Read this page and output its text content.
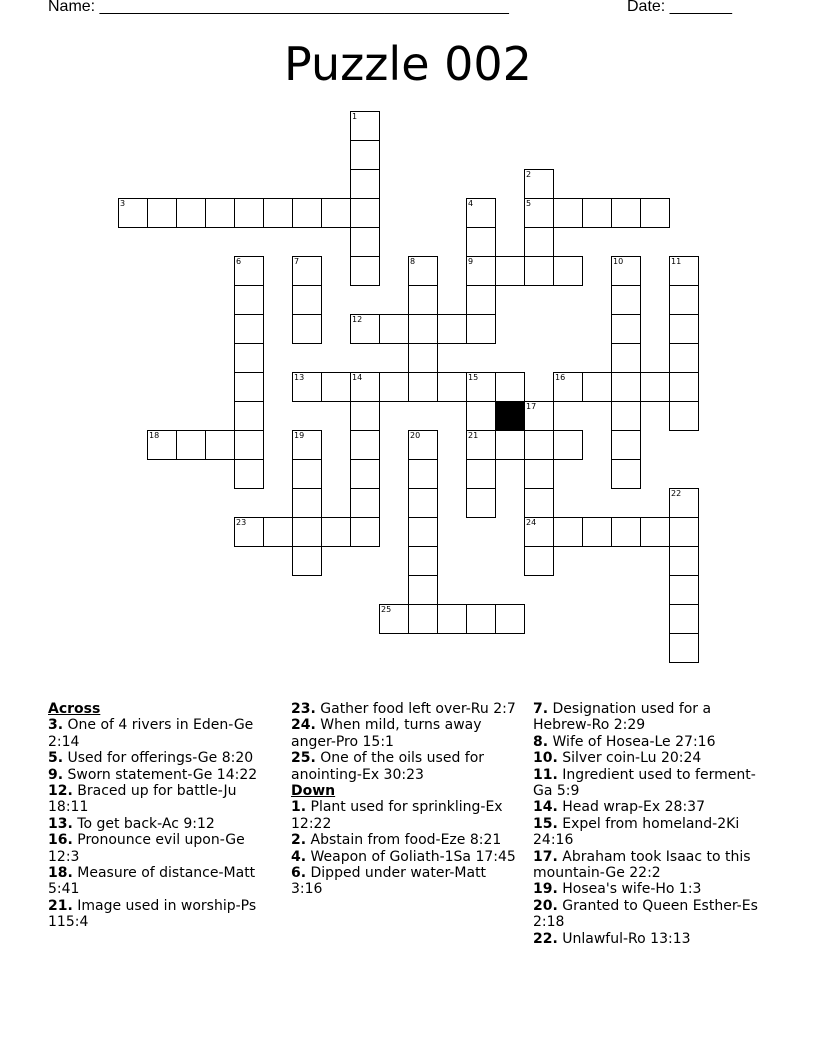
Name: ______________________________________________	Date: _______
Puzzle 002
3
1
2
5
4
9
6	7	8
12
10	11
13	14	15	16
21
17
24
18	19	20
23
22
25
Across
3. One of 4 rivers in Eden-Ge 2:14
5. Used for offerings-Ge 8:20
9. Sworn statement-Ge 14:22
12. Braced up for battle-Ju 18:11
13. To get back-Ac 9:12
16. Pronounce evil upon-Ge 12:3
18. Measure of distance-Matt 5:41
21. Image used in worship-Ps 115:4
23. Gather food left over-Ru 2:7
24. When mild, turns away anger-Pro 15:1
25. One of the oils used for anointing-Ex 30:23
Down
1. Plant used for sprinkling-Ex 12:22
2. Abstain from food-Eze 8:21
4. Weapon of Goliath-1Sa 17:45
6. Dipped under water-Matt 3:16
7. Designation used for a Hebrew-Ro 2:29
8. Wife of Hosea-Le 27:16
10. Silver coin-Lu 20:24
11. Ingredient used to ferment-Ga 5:9
14. Head wrap-Ex 28:37
15. Expel from homeland-2Ki 24:16
17. Abraham took Isaac to this mountain-Ge 22:2
19. Hosea's wife-Ho 1:3
20. Granted to Queen Esther-Es 2:18
22. Unlawful-Ro 13:13
